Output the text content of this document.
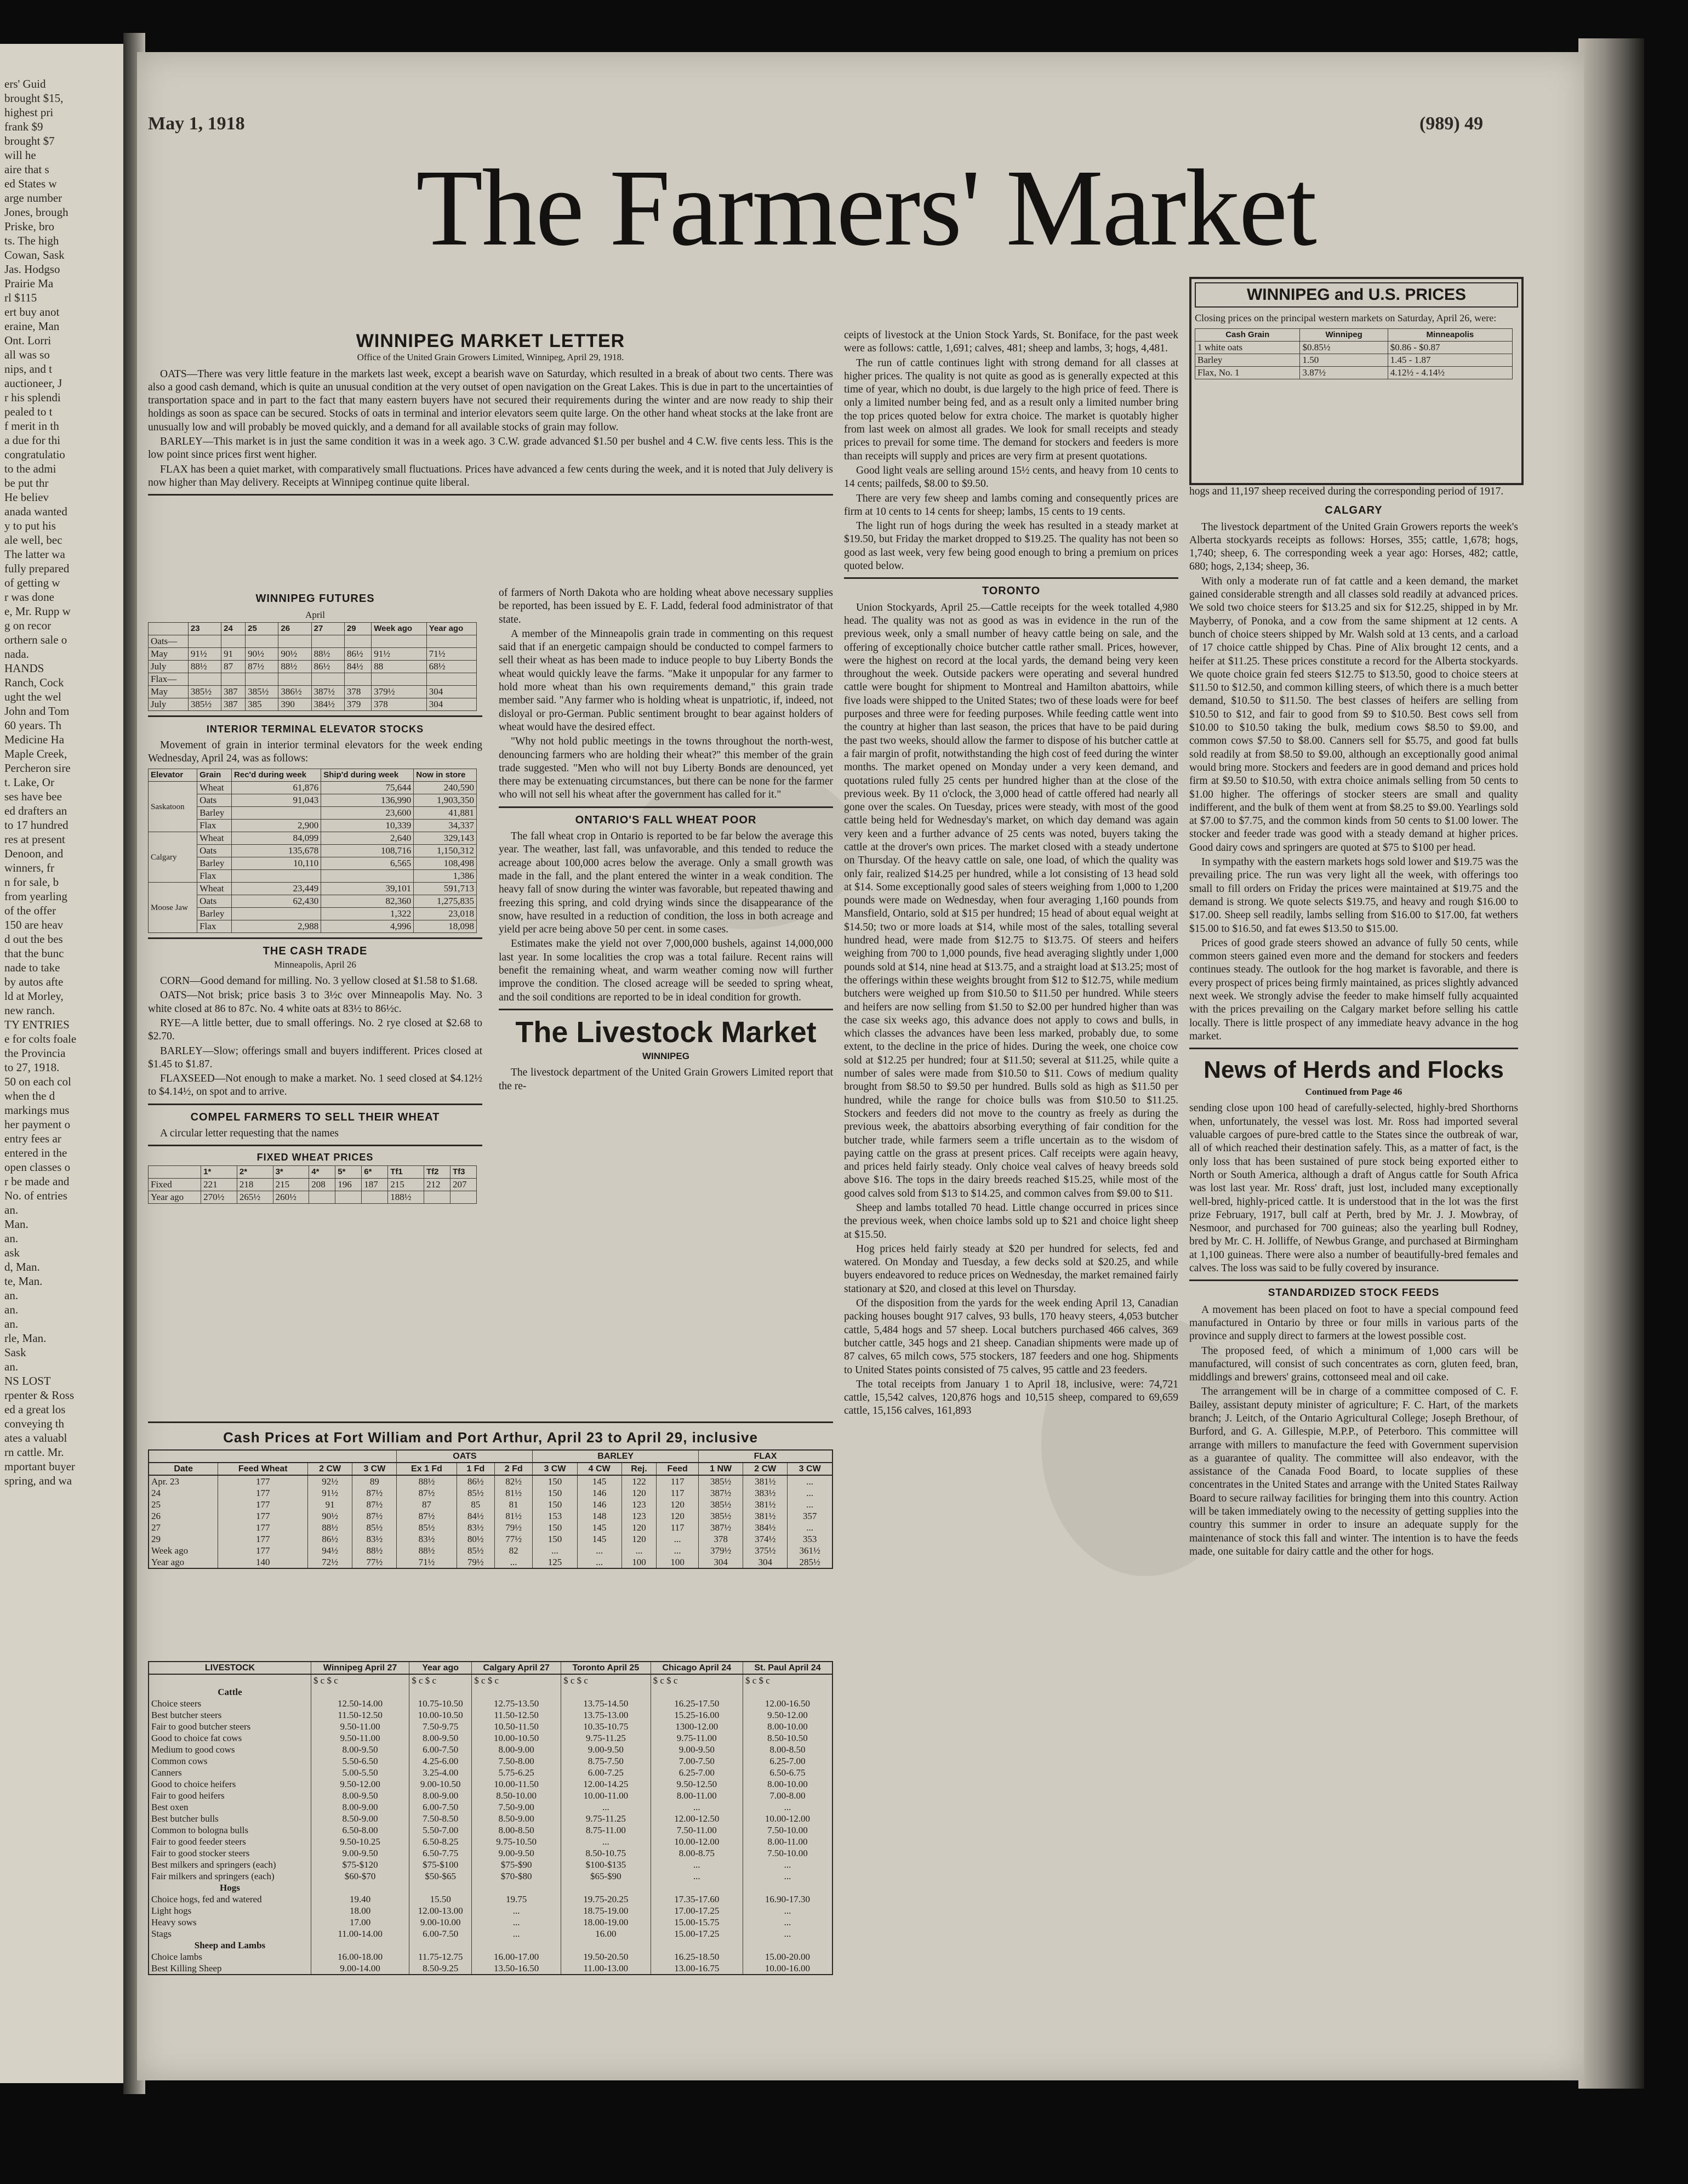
ers' Guid
brought $15,
highest pri
frank $9
brought $7
will he
aire that s
ed States w
arge number
Jones, brough
Priske, bro
ts. The high
Cowan, Sask
Jas. Hodgso
Prairie Ma
rl $115
ert buy anot
eraine, Man
Ont. Lorri
all was so
nips, and t
auctioneer, J
r his splendi
pealed to t
f merit in th
a due for thi
congratulatio
to the admi
be put thr
He believ
anada wanted
y to put his
ale well, bec
The latter wa
fully prepared
of getting w
r was done
e, Mr. Rupp w
g on recor
orthern sale o
nada.
HANDS
Ranch, Cock
ught the wel
John and Tom
60 years. Th
Medicine Ha
Maple Creek,
Percheron sire
t. Lake, Or
ses have bee
ed drafters an
to 17 hundred
res at present
Denoon, and
winners, fr
n for sale, b
from yearling
of the offer
150 are heav
d out the bes
that the bunc
nade to take
by autos afte
ld at Morley,
new ranch.
TY ENTRIES
e for colts foale
the Provincia
to 27, 1918.
50 on each col
when the d
markings mus
her payment o
entry fees ar
entered in the
open classes o
r be made and
No. of entries
an.
Man.
an.
ask
d, Man.
te, Man.
an.
an.
an.
rle, Man.
Sask
an.
NS LOST
rpenter & Ross
ed a great los
conveying th
ates a valuabl
rn cattle. Mr.
mportant buyer
spring, and wa
May 1, 1918	(989) 49
The Farmers' Market
WINNIPEG MARKET LETTER
Office of the United Grain Growers Limited, Winnipeg, April 29, 1918.

OATS—There was very little feature in the markets last week, except a bearish wave on Saturday, which resulted in a break of about two cents. There was also a good cash demand, which is quite an unusual condition at the very outset of open navigation on the Great Lakes. This is due in part to the uncertainties of transportation space and in part to the fact that many eastern buyers have not secured their requirements during the winter and are now ready to ship their holdings as soon as space can be secured. Stocks of oats in terminal and interior elevators seem quite large. On the other hand wheat stocks at the lake front are unusually low and will probably be moved quickly, and a demand for all available stocks of grain may follow.

BARLEY—This market is in just the same condition it was in a week ago. 3 C.W. grade advanced $1.50 per bushel and 4 C.W. five cents less. This is the low point since prices first went higher.

FLAX has been a quiet market, with comparatively small fluctuations. Prices have advanced a few cents during the week, and it is noted that July delivery is now higher than May delivery. Receipts at Winnipeg continue quite liberal.

WINNIPEG FUTURES
April
	23	24	25	26	27	29	Week ago	Year ago
Oats—								
May	91½	91	90½	90½	88½	86½	91½	71½
July	88½	87	87½	88½	86½	84½	88	68½
Flax—								
May	385½	387	385½	386½	387½	378	379½	304
July	385½	387	385	390	384½	379	378	304
INTERIOR TERMINAL ELEVATOR STOCKS

Movement of grain in interior terminal elevators for the week ending Wednesday, April 24, was as follows:

Elevator	Grain	Rec'd during week	Ship'd during week	Now in store
Saskatoon	Wheat	61,876	75,644	240,590
	Oats	91,043	136,990	1,903,350
	Barley		23,600	41,881
	Flax	2,900	10,339	34,337
Calgary	Wheat	84,099	2,640	329,143
	Oats	135,678	108,716	1,150,312
	Barley	10,110	6,565	108,498
	Flax			1,386
Moose Jaw	Wheat	23,449	39,101	591,713
	Oats	62,430	82,360	1,275,835
	Barley		1,322	23,018
	Flax	2,988	4,996	18,098
THE CASH TRADE
Minneapolis, April 26

CORN—Good demand for milling. No. 3 yellow closed at $1.58 to $1.68.

OATS—Not brisk; price basis 3 to 3½c over Minneapolis May. No. 3 white closed at 86 to 87c. No. 4 white oats at 83½ to 86½c.

RYE—A little better, due to small offerings. No. 2 rye closed at $2.68 to $2.70.

BARLEY—Slow; offerings small and buyers indifferent. Prices closed at $1.45 to $1.87.

FLAXSEED—Not enough to make a market. No. 1 seed closed at $4.12½ to $4.14½, on spot and to arrive.

COMPEL FARMERS TO SELL THEIR WHEAT

A circular letter requesting that the names

FIXED WHEAT PRICES
	1*	2*	3*	4*	5*	6*	Tf1	Tf2	Tf3
Fixed	221	218	215	208	196	187	215	212	207
Year ago	270½	265½	260½				188½		

of farmers of North Dakota who are holding wheat above necessary supplies be reported, has been issued by E. F. Ladd, federal food administrator of that state.

A member of the Minneapolis grain trade in commenting on this request said that if an energetic campaign should be conducted to compel farmers to sell their wheat as has been made to induce people to buy Liberty Bonds the wheat would quickly leave the farms. "Make it unpopular for any farmer to hold more wheat than his own requirements demand," this grain trade member said. "Any farmer who is holding wheat is unpatriotic, if, indeed, not disloyal or pro-German. Public sentiment brought to bear against holders of wheat would have the desired effect.

"Why not hold public meetings in the towns throughout the north-west, denouncing farmers who are holding their wheat?" this member of the grain trade suggested. "Men who will not buy Liberty Bonds are denounced, yet there may be extenuating circumstances, but there can be none for the farmer who will not sell his wheat after the government has called for it."

ONTARIO'S FALL WHEAT POOR

The fall wheat crop in Ontario is reported to be far below the average this year. The weather, last fall, was unfavorable, and this tended to reduce the acreage about 100,000 acres below the average. Only a small growth was made in the fall, and the plant entered the winter in a weak condition. The heavy fall of snow during the winter was favorable, but repeated thawing and freezing this spring, and cold drying winds since the disappearance of the snow, have resulted in a reduction of condition, the loss in both acreage and yield per acre being above 50 per cent. in some cases.

Estimates make the yield not over 7,000,000 bushels, against 14,000,000 last year. In some localities the crop was a total failure. Recent rains will benefit the remaining wheat, and warm weather coming now will further improve the condition. The closed acreage will be seeded to spring wheat, and the soil conditions are reported to be in ideal condition for growth.

The Livestock Market
WINNIPEG

The livestock department of the United Grain Growers Limited report that the re-

ceipts of livestock at the Union Stock Yards, St. Boniface, for the past week were as follows: cattle, 1,691; calves, 481; sheep and lambs, 3; hogs, 4,481.

The run of cattle continues light with strong demand for all classes at higher prices. The quality is not quite as good as is generally expected at this time of year, which no doubt, is due largely to the high price of feed. There is only a limited number being fed, and as a result only a limited number bring the top prices quoted below for extra choice. The market is quotably higher from last week on almost all grades. We look for small receipts and steady prices to prevail for some time. The demand for stockers and feeders is more than receipts will supply and prices are very firm at present quotations.

Good light veals are selling around 15½ cents, and heavy from 10 cents to 14 cents; pailfeds, $8.00 to $9.50.

There are very few sheep and lambs coming and consequently prices are firm at 10 cents to 14 cents for sheep; lambs, 15 cents to 19 cents.

The light run of hogs during the week has resulted in a steady market at $19.50, but Friday the market dropped to $19.25. The quality has not been so good as last week, very few being good enough to bring a premium on prices quoted below.

TORONTO

Union Stockyards, April 25.—Cattle receipts for the week totalled 4,980 head. The quality was not as good as was in evidence in the run of the previous week, only a small number of heavy cattle being on sale, and the offering of exceptionally choice butcher cattle rather small. Prices, however, were the highest on record at the local yards, the demand being very keen throughout the week. Outside packers were operating and several hundred cattle were bought for shipment to Montreal and Hamilton abattoirs, while five loads were shipped to the United States; two of these loads were for beef purposes and three were for feeding purposes. While feeding cattle went into the country at higher than last season, the prices that have to be paid during the past two weeks, should allow the farmer to dispose of his butcher cattle at a fair margin of profit, notwithstanding the high cost of feed during the winter months. The market opened on Monday under a very keen demand, and quotations ruled fully 25 cents per hundred higher than at the close of the previous week. By 11 o'clock, the 3,000 head of cattle offered had nearly all gone over the scales. On Tuesday, prices were steady, with most of the good cattle being held for Wednesday's market, on which day demand was again very keen and a further advance of 25 cents was noted, buyers taking the cattle at the drover's own prices. The market closed with a steady undertone on Thursday. Of the heavy cattle on sale, one load, of which the quality was only fair, realized $14.25 per hundred, while a lot consisting of 13 head sold at $14. Some exceptionally good sales of steers weighing from 1,000 to 1,200 pounds were made on Wednesday, when four averaging 1,160 pounds from Mansfield, Ontario, sold at $15 per hundred; 15 head of about equal weight at $14.50; two or more loads at $14, while most of the sales, totalling several hundred head, were made from $12.75 to $13.75. Of steers and heifers weighing from 700 to 1,000 pounds, five head averaging slightly under 1,000 pounds sold at $14, nine head at $13.75, and a straight load at $13.25; most of the offerings within these weights brought from $12 to $12.75, while medium butchers were weighed up from $10.50 to $11.50 per hundred. While steers and heifers are now selling from $1.50 to $2.00 per hundred higher than was the case six weeks ago, this advance does not apply to cows and bulls, in which classes the advances have been less marked, probably due, to some extent, to the decline in the price of hides. During the week, one choice cow sold at $12.25 per hundred; four at $11.50; several at $11.25, while quite a number of sales were made from $10.50 to $11. Cows of medium quality brought from $8.50 to $9.50 per hundred. Bulls sold as high as $11.50 per hundred, while the range for choice bulls was from $10.50 to $11.25. Stockers and feeders did not move to the country as freely as during the previous week, the abattoirs absorbing everything of fair condition for the butcher trade, while farmers seem a trifle uncertain as to the wisdom of paying cattle on the grass at present prices. Calf receipts were again heavy, and prices held fairly steady. Only choice veal calves of heavy breeds sold above $16. The tops in the dairy breeds reached $15.25, while most of the good calves sold from $13 to $14.25, and common calves from $9.00 to $11.

Sheep and lambs totalled 70 head. Little change occurred in prices since the previous week, when choice lambs sold up to $21 and choice light sheep at $15.50.

Hog prices held fairly steady at $20 per hundred for selects, fed and watered. On Monday and Tuesday, a few decks sold at $20.25, and while buyers endeavored to reduce prices on Wednesday, the market remained fairly stationary at $20, and closed at this level on Thursday.

Of the disposition from the yards for the week ending April 13, Canadian packing houses bought 917 calves, 93 bulls, 170 heavy steers, 4,053 butcher cattle, 5,484 hogs and 57 sheep. Local butchers purchased 466 calves, 369 butcher cattle, 345 hogs and 21 sheep. Canadian shipments were made up of 87 calves, 65 milch cows, 575 stockers, 187 feeders and one hog. Shipments to United States points consisted of 75 calves, 95 cattle and 23 feeders.

The total receipts from January 1 to April 18, inclusive, were: 74,721 cattle, 15,542 calves, 120,876 hogs and 10,515 sheep, compared to 69,659 cattle, 15,156 calves, 161,893

WINNIPEG and U.S. PRICES
Closing prices on the principal western markets on Saturday, April 26, were:
Cash Grain	Winnipeg	Minneapolis
1 white oats	$0.85½	$0.86 - $0.87
Barley	1.50	1.45 - 1.87
Flax, No. 1	3.87½	4.12½ - 4.14½

hogs and 11,197 sheep received during the corresponding period of 1917.

CALGARY

The livestock department of the United Grain Growers reports the week's Alberta stockyards receipts as follows: Horses, 355; cattle, 1,678; hogs, 1,740; sheep, 6. The corresponding week a year ago: Horses, 482; cattle, 680; hogs, 2,134; sheep, 36.

With only a moderate run of fat cattle and a keen demand, the market gained considerable strength and all classes sold readily at advanced prices. We sold two choice steers for $13.25 and six for $12.25, shipped in by Mr. Mayberry, of Ponoka, and a cow from the same shipment at 12 cents. A bunch of choice steers shipped by Mr. Walsh sold at 13 cents, and a carload of 17 choice cattle shipped by Chas. Pine of Alix brought 12 cents, and a heifer at $11.25. These prices constitute a record for the Alberta stockyards. We quote choice grain fed steers $12.75 to $13.50, good to choice steers at $11.50 to $12.50, and common killing steers, of which there is a much better demand, $10.50 to $11.50. The best classes of heifers are selling from $10.50 to $12, and fair to good from $9 to $10.50. Best cows sell from $10.00 to $10.50 taking the bulk, medium cows $8.50 to $9.00, and common cows $7.50 to $8.00. Canners sell for $5.75, and good fat bulls sold readily at from $8.50 to $9.00, although an exceptionally good animal would bring more. Stockers and feeders are in good demand and prices hold firm at $9.50 to $10.50, with extra choice animals selling from 50 cents to $1.00 higher. The offerings of stocker steers are small and quality indifferent, and the bulk of them went at from $8.25 to $9.00. Yearlings sold at $7.00 to $7.75, and the common kinds from 50 cents to $1.00 lower. The stocker and feeder trade was good with a steady demand at higher prices. Good dairy cows and springers are quoted at $75 to $100 per head.

In sympathy with the eastern markets hogs sold lower and $19.75 was the prevailing price. The run was very light all the week, with offerings too small to fill orders on Friday the prices were maintained at $19.75 and the demand is strong. We quote selects $19.75, and heavy and rough $16.00 to $17.00. Sheep sell readily, lambs selling from $16.00 to $17.00, fat wethers $15.00 to $16.50, and fat ewes $13.50 to $15.00.

Prices of good grade steers showed an advance of fully 50 cents, while common steers gained even more and the demand for stockers and feeders continues steady. The outlook for the hog market is favorable, and there is every prospect of prices being firmly maintained, as prices slightly advanced next week. We strongly advise the feeder to make himself fully acquainted with the prices prevailing on the Calgary market before selling his cattle locally. There is little prospect of any immediate heavy advance in the hog market.

News of Herds and Flocks
Continued from Page 46

sending close upon 100 head of carefully-selected, highly-bred Shorthorns when, unfortunately, the vessel was lost. Mr. Ross had imported several valuable cargoes of pure-bred cattle to the States since the outbreak of war, all of which reached their destination safely. This, as a matter of fact, is the only loss that has been sustained of pure stock being exported either to North or South America, although a draft of Angus cattle for South Africa was lost last year. Mr. Ross' draft, just lost, included many exceptionally well-bred, highly-priced cattle. It is understood that in the lot was the first prize February, 1917, bull calf at Perth, bred by Mr. J. J. Mowbray, of Nesmoor, and purchased for 700 guineas; also the yearling bull Rodney, bred by Mr. C. H. Jolliffe, of Newbus Grange, and purchased at Birmingham at 1,100 guineas. There were also a number of beautifully-bred females and calves. The loss was said to be fully covered by insurance.

STANDARDIZED STOCK FEEDS

A movement has been placed on foot to have a special compound feed manufactured in Ontario by three or four mills in various parts of the province and supply direct to farmers at the lowest possible cost.

The proposed feed, of which a minimum of 1,000 cars will be manufactured, will consist of such concentrates as corn, gluten feed, bran, middlings and brewers' grains, cottonseed meal and oil cake.

The arrangement will be in charge of a committee composed of C. F. Bailey, assistant deputy minister of agriculture; F. C. Hart, of the markets branch; J. Leitch, of the Ontario Agricultural College; Joseph Brethour, of Burford, and G. A. Gillespie, M.P.P., of Peterboro. This committee will arrange with millers to manufacture the feed with Government supervision as a guarantee of quality. The committee will also endeavor, with the assistance of the Canada Food Board, to locate supplies of these concentrates in the United States and arrange with the United States Railway Board to secure railway facilities for bringing them into this country. Action will be taken immediately owing to the necessity of getting supplies into the country this summer in order to insure an adequate supply for the maintenance of stock this fall and winter. The intention is to have the feeds made, one suitable for dairy cattle and the other for hogs.

Cash Prices at Fort William and Port Arthur, April 23 to April 29, inclusive
				OATS			BARLEY				FLAX		
Date	Feed Wheat	2 CW	3 CW	Ex 1 Fd	1 Fd	2 Fd	3 CW	4 CW	Rej.	Feed	1 NW	2 CW	3 CW
Apr. 23	177	92½	89	88½	86½	82½	150	145	122	117	385½	381½	...
24	177	91½	87½	87½	85½	81½	150	146	120	117	387½	383½	...
25	177	91	87½	87	85	81	150	146	123	120	385½	381½	...
26	177	90½	87½	87½	84½	81½	153	148	123	120	385½	381½	357
27	177	88½	85½	85½	83½	79½	150	145	120	117	387½	384½	...
29	177	86½	83½	83½	80½	77½	150	145	120	...	378	374½	353
Week ago	177	94½	88½	88½	85½	82	...	...	...	...	379½	375½	361½
Year ago	140	72½	77½	71½	79½	...	125	...	100	100	304	304	285½
LIVESTOCK	Winnipeg April 27	Year ago	Calgary April 27	Toronto April 25	Chicago April 24	St. Paul April 24
	$ c $ c	$ c $ c	$ c $ c	$ c $ c	$ c $ c	$ c $ c
Cattle						
Choice steers	12.50-14.00	10.75-10.50	12.75-13.50	13.75-14.50	16.25-17.50	12.00-16.50
Best butcher steers	11.50-12.50	10.00-10.50	11.50-12.50	13.75-13.00	15.25-16.00	9.50-12.00
Fair to good butcher steers	9.50-11.00	7.50-9.75	10.50-11.50	10.35-10.75	1300-12.00	8.00-10.00
Good to choice fat cows	9.50-11.00	8.00-9.50	10.00-10.50	9.75-11.25	9.75-11.00	8.50-10.50
Medium to good cows	8.00-9.50	6.00-7.50	8.00-9.00	9.00-9.50	9.00-9.50	8.00-8.50
Common cows	5.50-6.50	4.25-6.00	7.50-8.00	8.75-7.50	7.00-7.50	6.25-7.00
Canners	5.00-5.50	3.25-4.00	5.75-6.25	6.00-7.25	6.25-7.00	6.50-6.75
Good to choice heifers	9.50-12.00	9.00-10.50	10.00-11.50	12.00-14.25	9.50-12.50	8.00-10.00
Fair to good heifers	8.00-9.50	8.00-9.00	8.50-10.00	10.00-11.00	8.00-11.00	7.00-8.00
Best oxen	8.00-9.00	6.00-7.50	7.50-9.00	...	...	...
Best butcher bulls	8.50-9.00	7.50-8.50	8.50-9.00	9.75-11.25	12.00-12.50	10.00-12.00
Common to bologna bulls	6.50-8.00	5.50-7.00	8.00-8.50	8.75-11.00	7.50-11.00	7.50-10.00
Fair to good feeder steers	9.50-10.25	6.50-8.25	9.75-10.50	...	10.00-12.00	8.00-11.00
Fair to good stocker steers	9.00-9.50	6.50-7.75	9.00-9.50	8.50-10.75	8.00-8.75	7.50-10.00
Best milkers and springers (each)	$75-$120	$75-$100	$75-$90	$100-$135	...	...
Fair milkers and springers (each)	$60-$70	$50-$65	$70-$80	$65-$90	...	...
Hogs						
Choice hogs, fed and watered	19.40	15.50	19.75	19.75-20.25	17.35-17.60	16.90-17.30
Light hogs	18.00	12.00-13.00	...	18.75-19.00	17.00-17.25	...
Heavy sows	17.00	9.00-10.00	...	18.00-19.00	15.00-15.75	...
Stags	11.00-14.00	6.00-7.50	...	16.00	15.00-17.25	...
Sheep and Lambs						
Choice lambs	16.00-18.00	11.75-12.75	16.00-17.00	19.50-20.50	16.25-18.50	15.00-20.00
Best Killing Sheep	9.00-14.00	8.50-9.25	13.50-16.50	11.00-13.00	13.00-16.75	10.00-16.00
